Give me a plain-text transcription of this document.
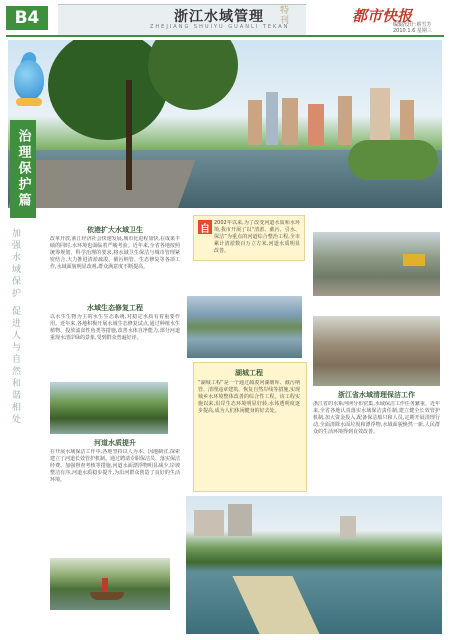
B4	浙江水域管理 特刊
ZHEJIANG SHUIYU GUANLI TEKAN
都市快报
编辑/设计:蔡雪芳
2010.1.6 星期三
治理保护篇
加强水域保护 促进人与自然和谐相处	依港扩大水域卫生
改革开放,浙江经济社会快速发展,城市化进程加快,在成果丰硕的同时,水环境也面临着严峻考验。近年来,全省各地按照统筹规划、科学治理的要求,将水域卫生保洁与城市管理紧密结合,大力推进清淤疏浚、截污纳管、生态修复等各项工作,水域面貌明显改观,群众满意度不断提高。
水域生态修复工程
以水生生物为主的水生生态系统,对稳定水质有着重要作用。近年来,各地积极开展水域生态修复试点,通过种植水生植物、投放滤食性鱼类等措施,改善水体自净能力,部分河道重现水清岸绿的景象,受到群众普遍好评。
河道水质提升
在开展水域保洁工作中,各地坚持以人为本、因地制宜,探索建立了河道长效管护机制。通过聘请专职保洁员、落实保洁经费、加强督查考核等措施,河道水面漂浮物明显减少,岸坡整洁有序,河道水质稳步提升,为沿河群众创造了良好的生活环境。
2002年以来,为了改变河道水质和水环境,我市开展了以“清淤、截污、引水、保洁”为重点的河道综合整治工程,全市累计清淤数百万立方米,河道水质明显改善。
自
湖城工程
“湖城工程”是一个通过疏浚河湖塘库、截污纳管、清理违章建筑、恢复自然岸线等措施,实现城乡水环境整体改善的综合性工程。该工程实施以来,沿岸生态环境明显好转,水体透明度逐步提高,成为人们休闲健身的好去处。
浙江省水域清理保洁工作
浙江省的水系河网分布密集,水域保洁工作任务繁重。近年来,全省各地认真落实水域保洁责任制,建立健全长效管护机制,加大资金投入,配备保洁船只和人员,定期开展清理行动,全面清除水面垃圾和漂浮物,水域面貌焕然一新,人民群众的生活环境得到有效改善。
